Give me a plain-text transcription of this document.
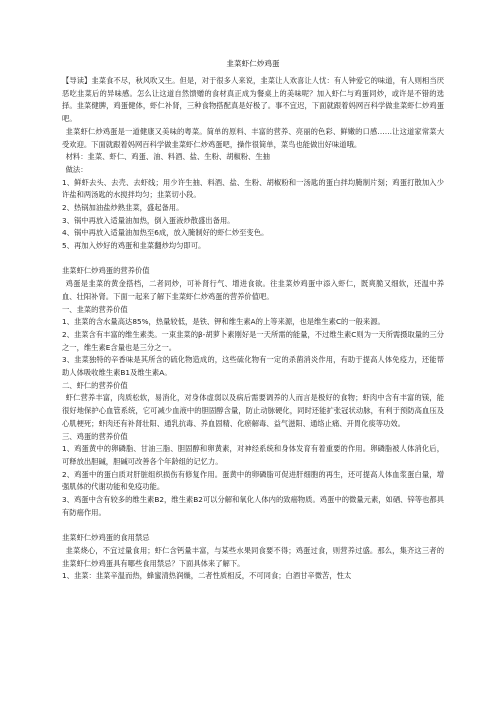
韭菜虾仁炒鸡蛋

【导读】韭菜食不尽，秋风吹又生。但是，对于很多人来说，韭菜让人欢喜让人忧：有人钟爱它的味道，有人则相当厌恶吃韭菜后的异味感。怎么让这道自然馈赠的食材真正成为餐桌上的美味呢？加入虾仁与鸡蛋同炒，或许是不错的选择。韭菜健脾，鸡蛋健体，虾仁补肾，三种食物搭配真是好极了。事不宜迟，下面就跟着妈网百科学做韭菜虾仁炒鸡蛋吧。

韭菜虾仁炒鸡蛋是一道健康又美味的粤菜。简单的原料、丰富的营养、亮丽的色彩、鲜嫩的口感……让这道家常菜大受欢迎。下面就跟着妈网百科学做韭菜虾仁炒鸡蛋吧，操作很简单，菜鸟也能做出好味道哦。

材料：韭菜、虾仁、鸡蛋、油、料酒、盐、生粉、胡椒粉、生抽

做法：

1、鲜虾去头、去壳、去虾线；用少许生抽、料酒、盐、生粉、胡椒粉和一汤匙的蛋白拌均腌制片刻；鸡蛋打散加入少许盐和两汤匙的水搅拌均匀；韭菜切小段。

2、热锅加油盐炒熟韭菜，盛起备用。

3、锅中再放入适量油加热，倒入蛋液炒散盛出备用。

4、锅中再放入适量油加热至6成，放入腌制好的虾仁炒至变色。

5、再加入炒好的鸡蛋和韭菜翻炒均匀即可。

韭菜虾仁炒鸡蛋的营养价值

鸡蛋是韭菜的黄金搭档，二者同炒，可补肾行气、增进食欲。往韭菜炒鸡蛋中添入虾仁，既爽脆又细软，还温中养血、壮阳补肾。下面一起来了解下韭菜虾仁炒鸡蛋的营养价值吧。

一、韭菜的营养价值

1、韭菜的含水量高达85%，热量较低，是铁、钾和维生素A的上等来源，也是维生素C的一般来源。

2、韭菜含有丰富的维生素类。一束韭菜的β-胡萝卜素刚好是一天所需的能量，不过维生素C则为一天所需摄取量的三分之一，维生素E含量也是三分之一。

3、韭菜独特的辛香味是其所含的硫化物造成的，这些硫化物有一定的杀菌消炎作用，有助于提高人体免疫力，还能帮助人体吸收维生素B1及维生素A。

二、虾仁的营养价值

虾仁营养丰富，肉质松软，易消化，对身体虚弱以及病后需要调养的人而言是极好的食物；虾肉中含有丰富的镁，能很好地保护心血管系统，它可减少血液中的胆固醇含量，防止动脉硬化，同时还能扩张冠状动脉，有利于预防高血压及心肌梗死；虾肉还有补肾壮阳、通乳抗毒、养血固精、化瘀解毒、益气滋阳、通络止痛、开胃化痰等功效。

三、鸡蛋的营养价值

1、鸡蛋黄中的卵磷脂、甘油三脂、胆固醇和卵黄素，对神经系统和身体发育有着重要的作用。卵磷脂被人体消化后，可释放出胆碱，胆碱可改善各个年龄组的记忆力。

2、鸡蛋中的蛋白质对肝脏组织损伤有修复作用。蛋黄中的卵磷脂可促进肝细胞的再生，还可提高人体血浆蛋白量，增强肌体的代谢功能和免疫功能。

3、鸡蛋中含有较多的维生素B2，维生素B2可以分解和氧化人体内的致癌物质。鸡蛋中的微量元素，如硒、锌等也都具有防癌作用。

韭菜虾仁炒鸡蛋的食用禁忌

韭菜烧心，不宜过量食用；虾仁含钙量丰富，与某些水果同食要不得；鸡蛋过食，则营养过盛。那么，集齐这三者的韭菜虾仁炒鸡蛋具有哪些食用禁忌？下面具体来了解下。

1、韭菜：韭菜辛温而热，蜂蜜清热润燥，二者性质相反，不可同食；白酒甘辛微苦，性太
